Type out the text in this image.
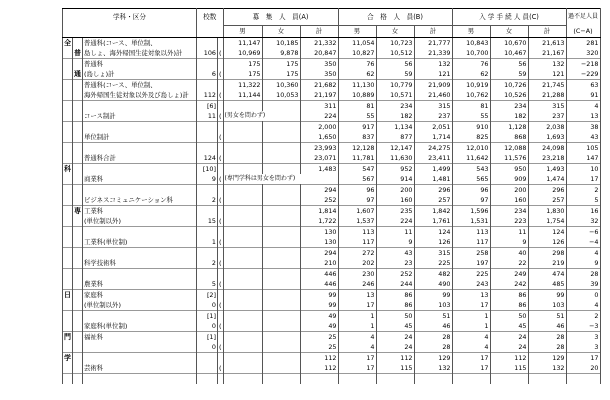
学科・区分			校数		募　集　人　員(A)			合　格　人　員(B)			入 学 手 続 人 員(C)			過不足人員
					男	女	計	男	女	計	男	女	計	(C−A)
全		普通科(コース、単位制、			11,147	10,185	21,332	11,054	10,723	21,777	10,843	10,670	21,613	281
	普	島しょ、海外帰国生徒対象以外)計	106	(	10,969	9,878	20,847	10,827	10,512	21,339	10,700	10,467	21,167	320
		普通科			175	175	350	76	56	132	76	56	132	−218
	通	(島しょ)計	6	(	175	175	350	62	59	121	62	59	121	−229
		普通科(コース、単位制、			11,322	10,360	21,682	11,130	10,779	21,909	10,919	10,726	21,745	63
		海外帰国生徒対象以外及び島しょ)計	112	(	11,144	10,053	21,197	10,889	10,571	21,460	10,762	10,526	21,288	91
			[6]				311	81	234	315	81	234	315	4
		コース制計	11	(	(男女を問わず)		224	55	182	237	55	182	237	13
							2,000	917	1,134	2,051	910	1,128	2,038	38
		単位制計		(			1,650	837	877	1,714	825	868	1,693	43
							23,993	12,128	12,147	24,275	12,010	12,088	24,098	105
		普通科合計	124	(			23,071	11,781	11,630	23,411	11,642	11,576	23,218	147
科			[10]				1,483	547	952	1,499	543	950	1,493	10
		商業科	9	(	(専門学科は男女を問わず)			567	914	1,481	565	909	1,474	17
							294	96	200	296	96	200	296	2
		ビジネスコミュニケーション科	2	(			252	97	160	257	97	160	257	5
	専	工業科					1,814	1,607	235	1,842	1,596	234	1,830	16
		(単位制以外)	15	(			1,722	1,537	224	1,761	1,531	223	1,754	32
							130	113	11	124	113	11	124	−6
		工業科(単位制)	1	(			130	117	9	126	117	9	126	−4
							294	272	43	315	258	40	298	4
		科学技術科	2	(			210	202	23	225	197	22	219	9
							446	230	252	482	225	249	474	28
		農業科	5	(			446	246	244	490	243	242	485	39
日		家庭科	[2]				99	13	86	99	13	86	99	0
		(単位制以外)	0	(			99	17	86	103	17	86	103	4
			[1]				49	1	50	51	1	50	51	2
		家庭科(単位制)	0	(			49	1	45	46	1	45	46	−3
門		福祉科	[1]				25	4	24	28	4	24	28	3
			0	(			25	4	24	28	4	24	28	3
学							112	17	112	129	17	112	129	17
		芸術科		(			112	17	115	132	17	115	132	20
